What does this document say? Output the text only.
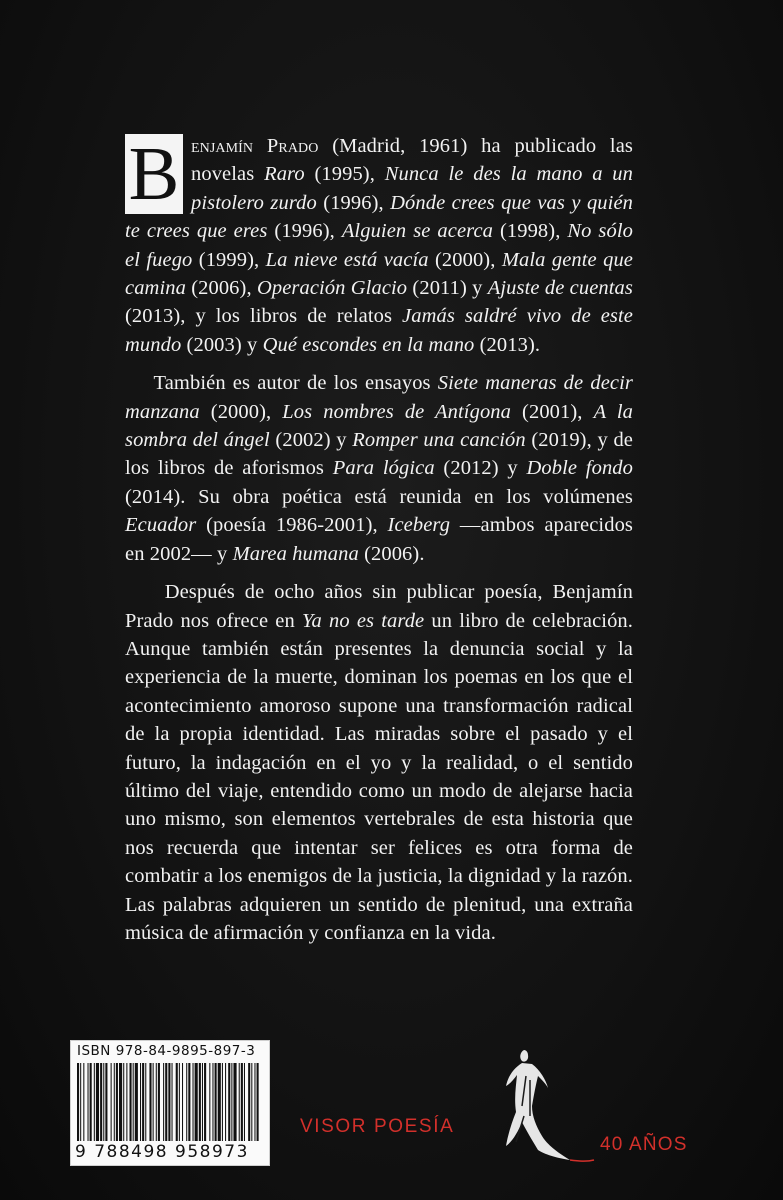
B enjamín Prado (Madrid, 1961) ha publicado las novelas Raro (1995), Nunca le des la mano a un pistolero zurdo (1996), Dónde crees que vas y quién te crees que eres (1996), Alguien se acerca (1998), No sólo el fuego (1999), La nieve está vacía (2000), Mala gente que camina (2006), Operación Glacio (2011) y Ajuste de cuentas (2013), y los libros de relatos Jamás saldré vivo de este mundo (2003) y Qué escondes en la mano (2013).

También es autor de los ensayos Siete maneras de decir manzana (2000), Los nombres de Antígona (2001), A la sombra del ángel (2002) y Romper una canción (2019), y de los libros de aforismos Para lógica (2012) y Doble fondo (2014). Su obra poética está reunida en los volúmenes Ecuador (poesía 1986-2001), Iceberg —ambos aparecidos en 2002— y Marea humana (2006).

Después de ocho años sin publicar poesía, Benjamín Prado nos ofrece en Ya no es tarde un libro de celebración. Aunque también están presentes la denuncia social y la experiencia de la muerte, dominan los poemas en los que el acontecimiento amoroso supone una transformación radical de la propia identidad. Las miradas sobre el pasado y el futuro, la indagación en el yo y la realidad, o el sentido último del viaje, entendido como un modo de alejarse hacia uno mismo, son elementos vertebrales de esta historia que nos recuerda que intentar ser felices es otra forma de combatir a los enemigos de la justicia, la dignidad y la razón. Las palabras adquieren un sentido de plenitud, una extraña música de afirmación y confianza en la vida.

ISBN 978-84-9895-897-3
9 788498 958973
VISOR POESÍA
40 AÑOS
